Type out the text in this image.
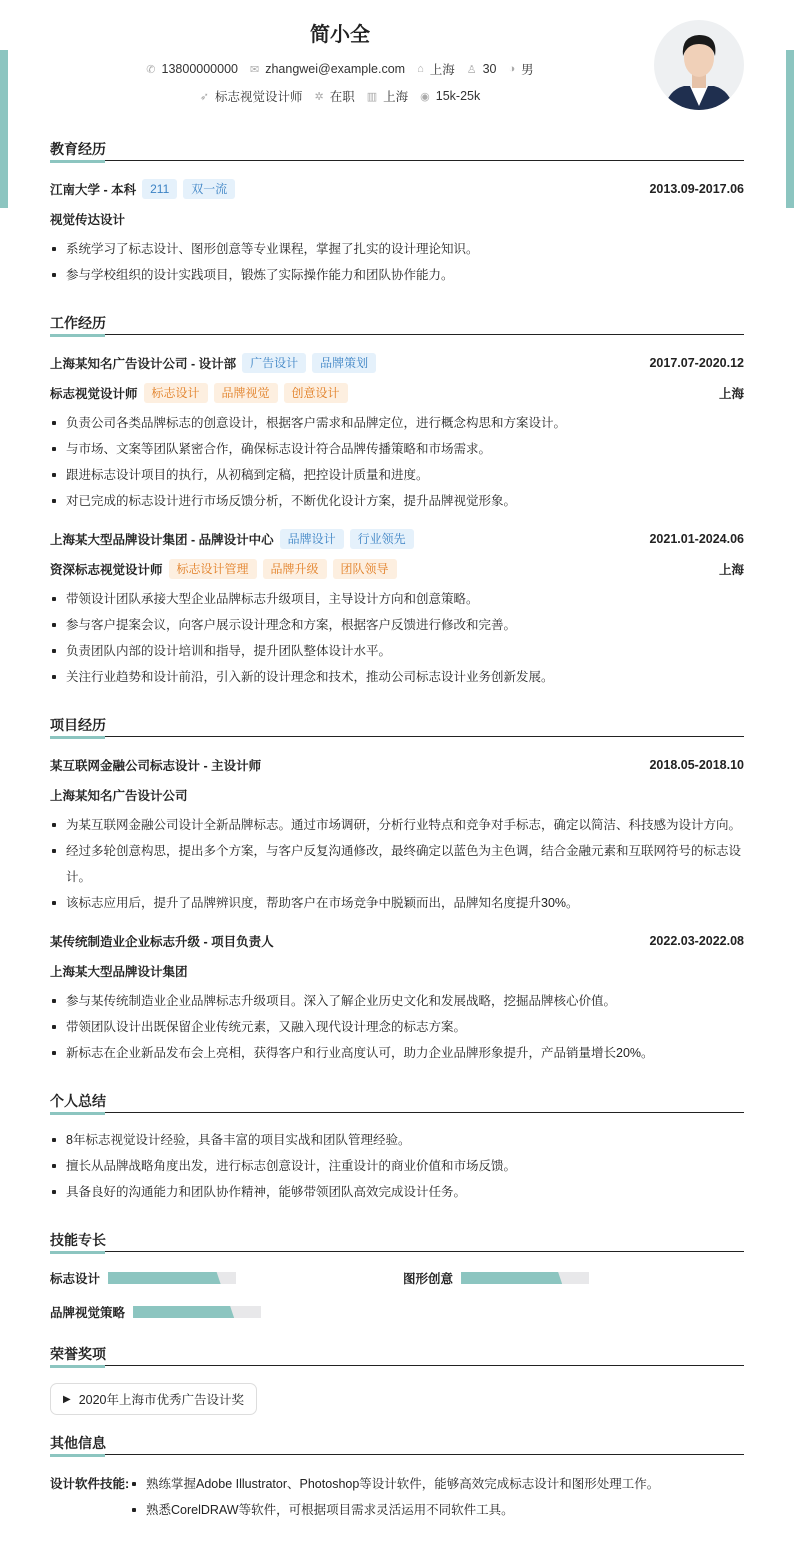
简小全
✆ 13800000000 ✉ zhangwei@example.com ⌂ 上海 ♙ 30 ◑ 男
➶ 标志视觉设计师 ✲ 在职 ▥ 上海 ◉ 15k-25k
教育经历
江南大学 - 本科	211	双一流	2013.09-2017.06
视觉传达设计
系统学习了标志设计、图形创意等专业课程，掌握了扎实的设计理论知识。
参与学校组织的设计实践项目，锻炼了实际操作能力和团队协作能力。
工作经历
上海某知名广告设计公司 - 设计部	广告设计	品牌策划	2017.07-2020.12
标志视觉设计师	标志设计	品牌视觉	创意设计	上海
负责公司各类品牌标志的创意设计，根据客户需求和品牌定位，进行概念构思和方案设计。
与市场、文案等团队紧密合作，确保标志设计符合品牌传播策略和市场需求。
跟进标志设计项目的执行，从初稿到定稿，把控设计质量和进度。
对已完成的标志设计进行市场反馈分析，不断优化设计方案，提升品牌视觉形象。
上海某大型品牌设计集团 - 品牌设计中心	品牌设计	行业领先	2021.01-2024.06
资深标志视觉设计师	标志设计管理	品牌升级	团队领导	上海
带领设计团队承接大型企业品牌标志升级项目，主导设计方向和创意策略。
参与客户提案会议，向客户展示设计理念和方案，根据客户反馈进行修改和完善。
负责团队内部的设计培训和指导，提升团队整体设计水平。
关注行业趋势和设计前沿，引入新的设计理念和技术，推动公司标志设计业务创新发展。
项目经历
某互联网金融公司标志设计 - 主设计师	2018.05-2018.10
上海某知名广告设计公司
为某互联网金融公司设计全新品牌标志。通过市场调研，分析行业特点和竞争对手标志，确定以简洁、科技感为设计方向。
经过多轮创意构思，提出多个方案，与客户反复沟通修改，最终确定以蓝色为主色调，结合金融元素和互联网符号的标志设计。
该标志应用后，提升了品牌辨识度，帮助客户在市场竞争中脱颖而出，品牌知名度提升30%。
某传统制造业企业标志升级 - 项目负责人	2022.03-2022.08
上海某大型品牌设计集团
参与某传统制造业企业品牌标志升级项目。深入了解企业历史文化和发展战略，挖掘品牌核心价值。
带领团队设计出既保留企业传统元素，又融入现代设计理念的标志方案。
新标志在企业新品发布会上亮相，获得客户和行业高度认可，助力企业品牌形象提升，产品销量增长20%。
个人总结
8年标志视觉设计经验，具备丰富的项目实战和团队管理经验。
擅长从品牌战略角度出发，进行标志创意设计，注重设计的商业价值和市场反馈。
具备良好的沟通能力和团队协作精神，能够带领团队高效完成设计任务。
技能专长
标志设计	图形创意
品牌视觉策略
荣誉奖项
▶ 2020年上海市优秀广告设计奖
其他信息
设计软件技能:	熟练掌握Adobe Illustrator、Photoshop等设计软件，能够高效完成标志设计和图形处理工作。
熟悉CorelDRAW等软件，可根据项目需求灵活运用不同软件工具。
